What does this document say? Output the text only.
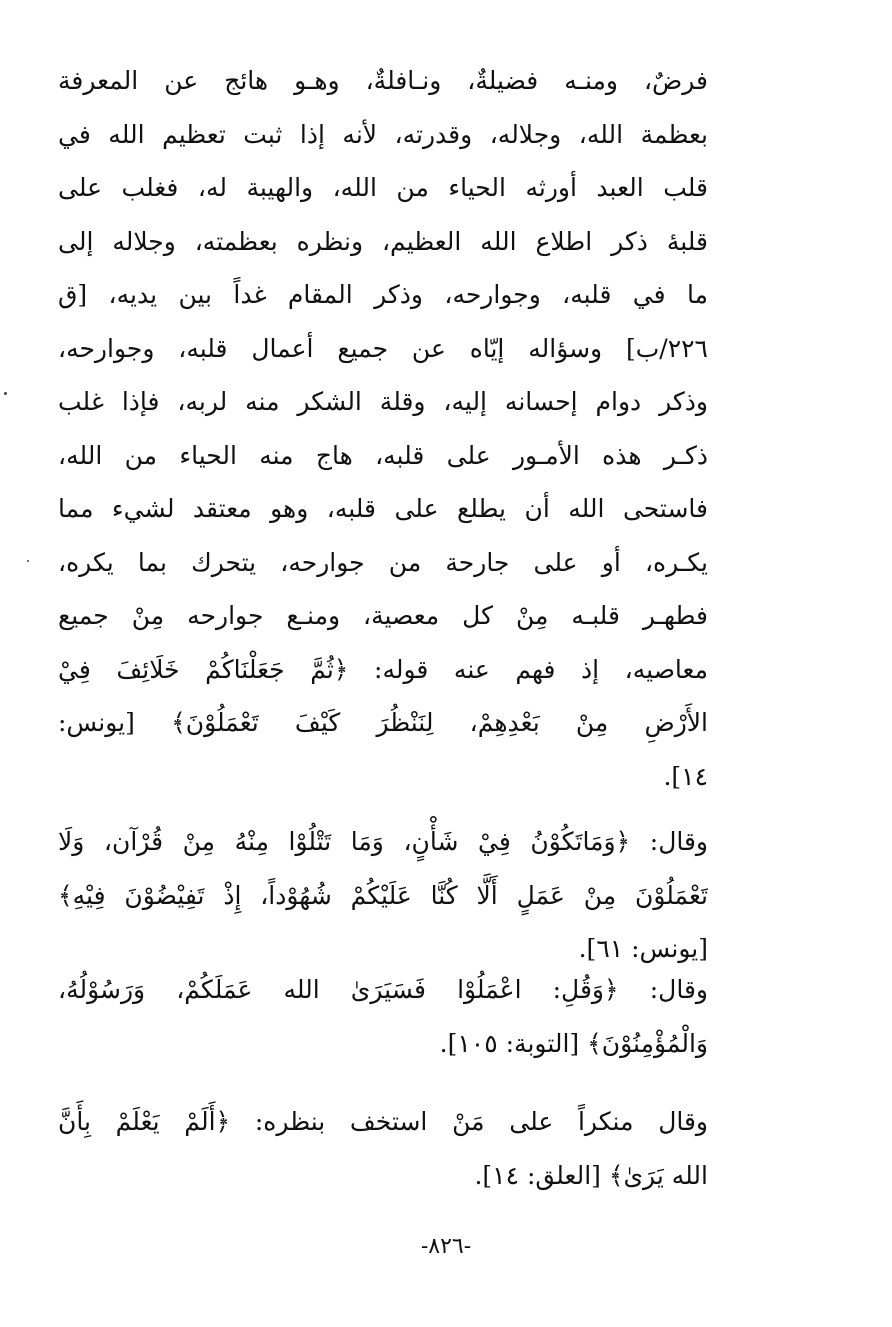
فرضٌ، ومنـه فضيلةٌ، ونـافلةٌ، وهـو هائج عن المعرفة
بعظمة الله، وجلاله، وقدرته، لأنه إذا ثبت تعظيم الله في
قلب العبد أورثه الحياء من الله، والهيبة له، فغلب على
قلبهٔ ذكر اطلاع الله العظيم، ونظره بعظمته، وجلاله إلى
ما في قلبه، وجوارحه، وذكر المقام غداً بين يديه، [ق
٢٢٦/ب] وسؤاله إيّاه عن جميع أعمال قلبه، وجوارحه،
وذكر دوام إحسانه إليه، وقلة الشكر منه لربه، فإذا غلب
ذكـر هذه الأمـور على قلبه، هاج منه الحياء من الله،
فاستحى الله أن يطلع على قلبه، وهو معتقد لشيء مما
يكـره، أو على جارحة من جوارحه، يتحرك بما يكره،
فطهـر قلبـه مِنْ كل معصية، ومنـع جوارحه مِنْ جميع
معاصيه، إذ فهم عنه قوله: ﴿ثُمَّ جَعَلْنَاكُمْ خَلَائِفَ فِيْ
الأَرْضِ مِنْ بَعْدِهِمْ، لِنَنْظُرَ كَيْفَ تَعْمَلُوْنَ﴾ [يونس:
١٤].
وقال: ﴿وَمَاتَكُوْنُ فِيْ شَأْنٍ، وَمَا تَتْلُوْا مِنْهُ مِنْ قُرْآن، وَلَا
تَعْمَلُوْنَ مِنْ عَمَلٍ أَلَّا كُنَّا عَلَيْكُمْ شُهُوْداً، إِذْ تَفِيْضُوْنَ فِيْهِ﴾
[يونس: ٦١].
وقال: ﴿وَقُلِ: اعْمَلُوْا فَسَيَرَىٰ الله عَمَلَكُمْ، وَرَسُوْلُهُ،
وَالْمُؤْمِنُوْنَ﴾ [التوبة: ١٠٥].
وقال منكراً على مَنْ استخف بنظره: ﴿أَلَمْ يَعْلَمْ بِأَنَّ
الله يَرَىٰ﴾ [العلق: ١٤].
-٨٢٦-
